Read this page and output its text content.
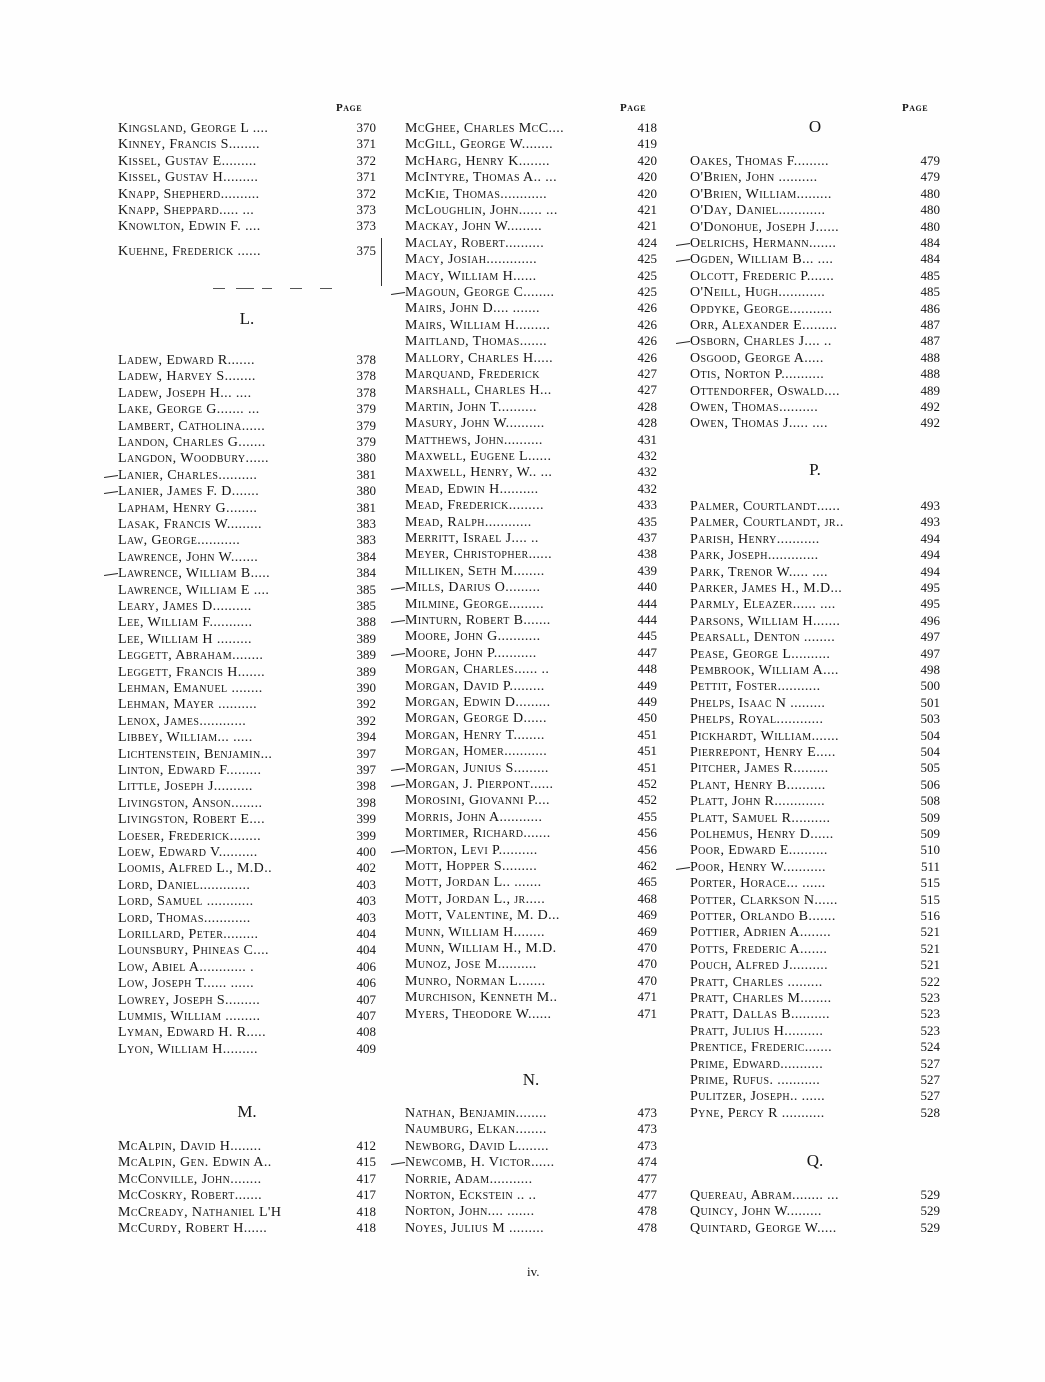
Page
Kingsland, George L ....	370
Kinney, Francis S........	371
Kissel, Gustav E.........	372
Kissel, Gustav H.........	371
Knapp, Shepherd..........	372
Knapp, Sheppard..... ...	373
Knowlton, Edwin F. ....	373
Kuehne, Frederick ......	375
L.
Ladew, Edward R.......	378
Ladew, Harvey S........	378
Ladew, Joseph H... ....	378
Lake, George G....... ...	379
Lambert, Catholina......	379
Landon, Charles G.......	379
Langdon, Woodbury......	380
Lanier, Charles..........	381
Lanier, James F. D.......	380
Lapham, Henry G........	381
Lasak, Francis W.........	383
Law, George...........	383
Lawrence, John W.......	384
Lawrence, William B.....	384
Lawrence, William E ....	385
Leary, James D..........	385
Lee, William F...........	388
Lee, William H .........	389
Leggett, Abraham........	389
Leggett, Francis H.......	389
Lehman, Emanuel ........	390
Lehman, Mayer ..........	392
Lenox, James............	392
Libbey, William... .....	394
Lichtenstein, Benjamin...	397
Linton, Edward F.........	397
Little, Joseph J..........	398
Livingston, Anson........	398
Livingston, Robert E....	399
Loeser, Frederick........	399
Loew, Edward V..........	400
Loomis, Alfred L., M.D..	402
Lord, Daniel.............	403
Lord, Samuel ............	403
Lord, Thomas............	403
Lorillard, Peter.........	404
Lounsbury, Phineas C....	404
Low, Abiel A............ .	406
Low, Joseph T...... ......	406
Lowrey, Joseph S.........	407
Lummis, William .........	407
Lyman, Edward H. R.....	408
Lyon, William H.........	409
M.
McAlpin, David H........	412
McAlpin, Gen. Edwin A..	415
McConville, John........	417
McCoskry, Robert.......	417
McCready, Nathaniel L'H	418
McCurdy, Robert H......	418
Page
McGhee, Charles McC....	418
McGill, George W........	419
McHarg, Henry K........	420
McIntyre, Thomas A.. ...	420
McKie, Thomas............	420
McLoughlin, John...... ...	421
Mackay, John W.........	421
Maclay, Robert..........	424
Macy, Josiah.............	425
Macy, William H......	425
Magoun, George C........	425
Mairs, John D.... .......	426
Mairs, William H.........	426
Maitland, Thomas.......	426
Mallory, Charles H.....	426
Marquand, Frederick	427
Marshall, Charles H...	427
Martin, John T..........	428
Masury, John W..........	428
Matthews, John..........	431
Maxwell, Eugene L......	432
Maxwell, Henry, W.. ...	432
Mead, Edwin H..........	432
Mead, Frederick.........	433
Mead, Ralph............	435
Merritt, Israel J.... ..	437
Meyer, Christopher......	438
Milliken, Seth M........	439
Mills, Darius O.........	440
Milmine, George.........	444
Minturn, Robert B.......	444
Moore, John G...........	445
Moore, John P...........	447
Morgan, Charles...... ..	448
Morgan, David P.........	449
Morgan, Edwin D.........	449
Morgan, George D......	450
Morgan, Henry T........	451
Morgan, Homer...........	451
Morgan, Junius S.........	451
Morgan, J. Pierpont......	452
Morosini, Giovanni P....	452
Morris, John A...........	455
Mortimer, Richard.......	456
Morton, Levi P..........	456
Mott, Hopper S.........	462
Mott, Jordan L.. .......	465
Mott, Jordan L., jr.....	468
Mott, Valentine, M. D...	469
Munn, William H........	469
Munn, William H., M.D.	470
Munoz, Jose M..........	470
Munro, Norman L.......	470
Murchison, Kenneth M..	471
Myers, Theodore W......	471
N.
Nathan, Benjamin........	473
Naumburg, Elkan........	473
Newborg, David L........	473
Newcomb, H. Victor......	474
Norrie, Adam...........	477
Norton, Eckstein .. ..	477
Norton, John.... .......	478
Noyes, Julius M .........	478
Page
O
Oakes, Thomas F.........	479
O'Brien, John ..........	479
O'Brien, William.........	480
O'Day, Daniel............	480
O'Donohue, Joseph J......	480
Oelrichs, Hermann.......	484
Ogden, William B... ....	484
Olcott, Frederic P.......	485
O'Neill, Hugh............	485
Opdyke, George...........	486
Orr, Alexander E.........	487
Osborn, Charles J.... ..	487
Osgood, George A.....	488
Otis, Norton P...........	488
Ottendorfer, Oswald....	489
Owen, Thomas..........	492
Owen, Thomas J..... ....	492
P.
Palmer, Courtlandt......	493
Palmer, Courtlandt, jr..	493
Parish, Henry...........	494
Park, Joseph.............	494
Park, Trenor W..... ....	494
Parker, James H., M.D...	495
Parmly, Eleazer...... ....	495
Parsons, William H.......	496
Pearsall, Denton ........	497
Pease, George L..........	497
Pembrook, William A....	498
Pettit, Foster...........	500
Phelps, Isaac N .........	501
Phelps, Royal............	503
Pickhardt, William.......	504
Pierrepont, Henry E.....	504
Pitcher, James R.........	505
Plant, Henry B..........	506
Platt, John R.............	508
Platt, Samuel R..........	509
Polhemus, Henry D......	509
Poor, Edward E..........	510
Poor, Henry W...........	511
Porter, Horace... ......	515
Potter, Clarkson N......	515
Potter, Orlando B.......	516
Pottier, Adrien A........	521
Potts, Frederic A.......	521
Pouch, Alfred J..........	521
Pratt, Charles .........	522
Pratt, Charles M........	523
Pratt, Dallas B..........	523
Pratt, Julius H..........	523
Prentice, Frederic.......	524
Prime, Edward...........	527
Prime, Rufus. ...........	527
Pulitzer, Joseph.. ......	527
Pyne, Percy R ...........	528
Q.
Quereau, Abram........ ...	529
Quincy, John W.........	529
Quintard, George W.....	529
iv.
